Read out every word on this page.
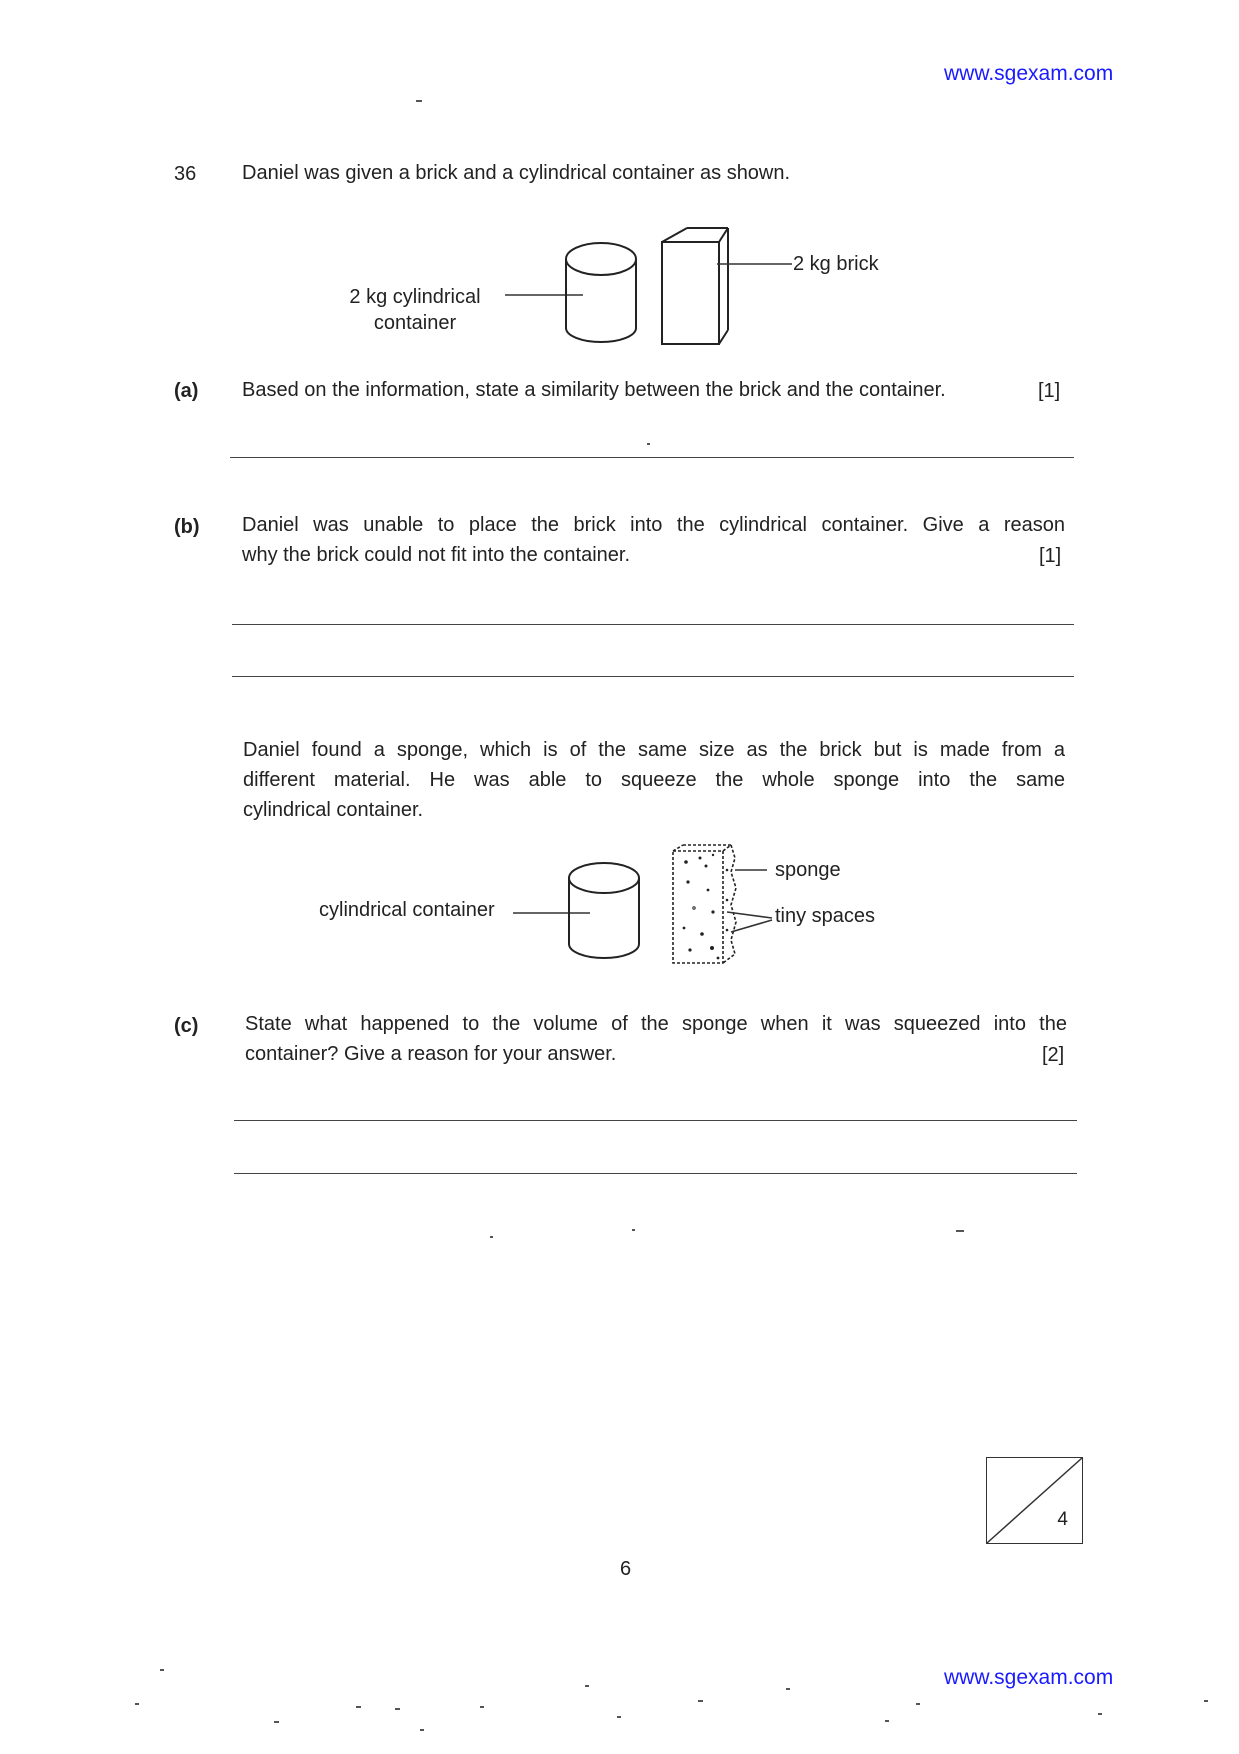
www.sgexam.com
36 Daniel was given a brick and a cylindrical container as shown.
2 kg cylindrical
container
2 kg brick
(a) Based on the information, state a similarity between the brick and the container.	[1]
(b) Daniel was unable to place the brick into the cylindrical container. Give a reason
why the brick could not fit into the container.	[1]
Daniel found a sponge, which is of the same size as the brick but is made from a
different material. He was able to squeeze the whole sponge into the same
cylindrical container.
cylindrical container
sponge
tiny spaces
(c) State what happened to the volume of the sponge when it was squeezed into the
container? Give a reason for your answer.	[2]
4
6
www.sgexam.com
